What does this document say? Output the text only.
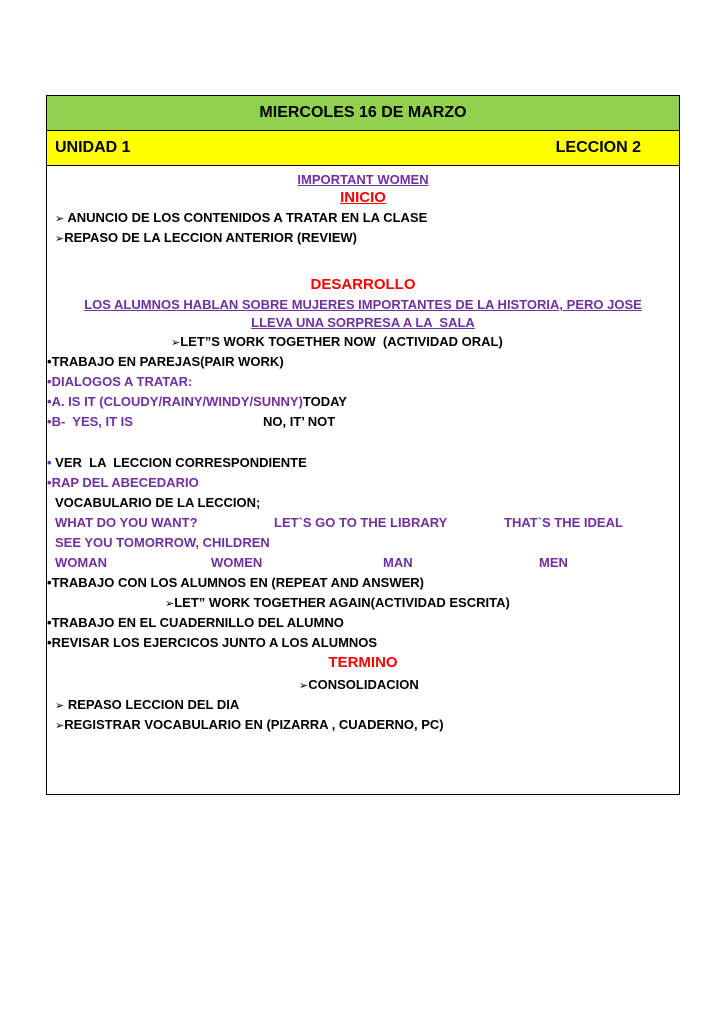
MIERCOLES 16 DE MARZO
UNIDAD 1	LECCION 2
IMPORTANT WOMEN
INICIO
➢ ANUNCIO DE LOS CONTENIDOS A TRATAR EN LA CLASE
➢REPASO DE LA LECCION ANTERIOR (REVIEW)
DESARROLLO
LOS ALUMNOS HABLAN SOBRE MUJERES IMPORTANTES DE LA HISTORIA, PERO JOSE
LLEVA UNA SORPRESA A LA  SALA
➢LET”S WORK TOGETHER NOW  (ACTIVIDAD ORAL)
•TRABAJO EN PAREJAS(PAIR WORK)
•DIALOGOS A TRATAR:
•A. IS IT (CLOUDY/RAINY/WINDY/SUNNY)TODAY
•B-  YES, IT IS	NO, IT’ NOT
• VER  LA  LECCION CORRESPONDIENTE
•RAP DEL ABECEDARIO
VOCABULARIO DE LA LECCION;
WHAT DO YOU WANT?	LET`S GO TO THE LIBRARY	THAT`S THE IDEAL
SEE YOU TOMORROW, CHILDREN
WOMAN	WOMEN	MAN	MEN
•TRABAJO CON LOS ALUMNOS EN (REPEAT AND ANSWER)
➢LET” WORK TOGETHER AGAIN(ACTIVIDAD ESCRITA)
•TRABAJO EN EL CUADERNILLO DEL ALUMNO
•REVISAR LOS EJERCICOS JUNTO A LOS ALUMNOS
TERMINO
➢CONSOLIDACION
➢ REPASO LECCION DEL DIA
➢REGISTRAR VOCABULARIO EN (PIZARRA , CUADERNO, PC)
